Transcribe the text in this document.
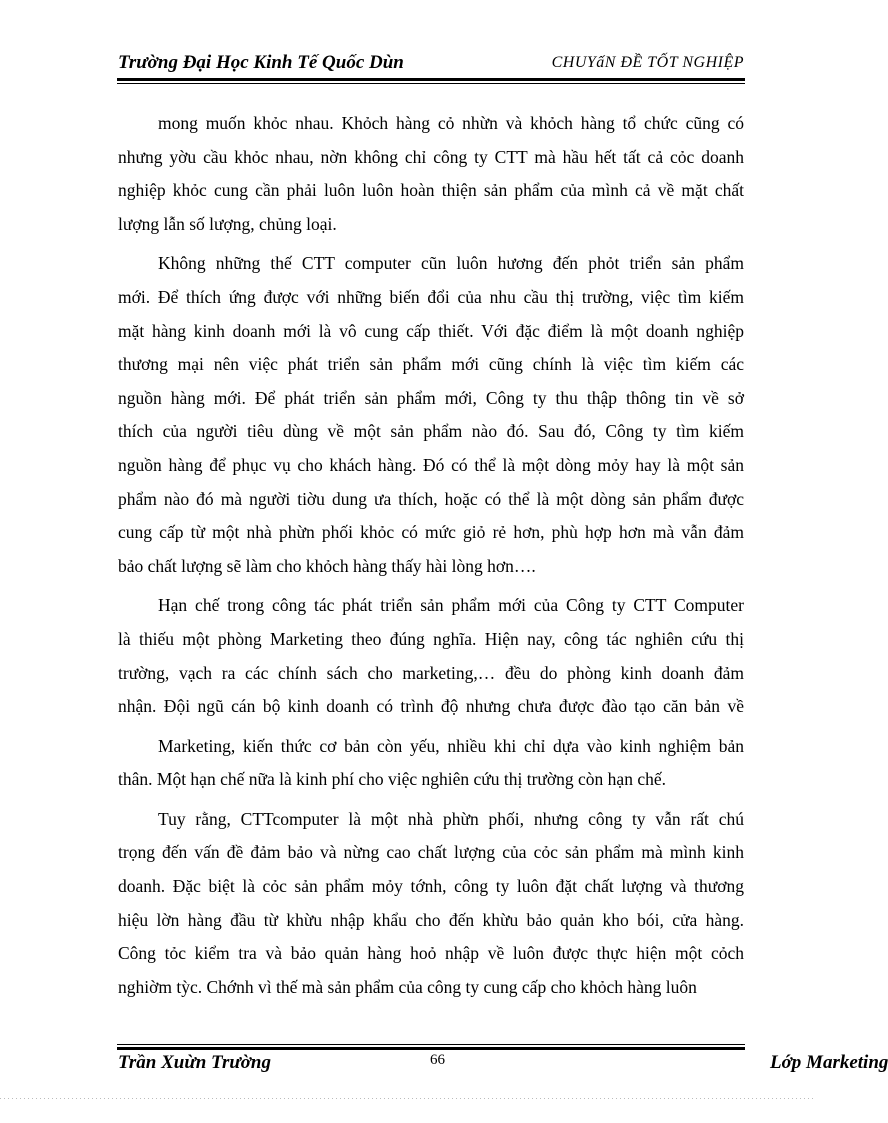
Trường Đại Học Kinh Tế Quốc Dùn	CHUYấN ĐỀ TỐT NGHIỆP

mong muốn khỏc nhau. Khỏch hàng cỏ nhừn và khỏch hàng tổ chức cũng có

nhưng yờu cầu khỏc nhau, nờn không chỉ công ty CTT mà hầu hết tất cả cỏc doanh
nghiệp khỏc cung cần phải luôn luôn hoàn thiện sản phẩm của mình cả về mặt chất
lượng lẫn số lượng, chủng loại.

Không những thế CTT computer cũn luôn hương đến phỏt triển sản phẩm

mới. Để thích ứng được với những biến đổi của nhu cầu thị trường, việc tìm kiếm
mặt hàng kinh doanh mới là vô cung cấp thiết. Với đặc điểm là một doanh nghiệp
thương mại nên việc phát triển sản phẩm mới cũng chính là việc tìm kiếm các
nguồn hàng mới. Để phát triển sản phẩm mới, Công ty thu thập thông tin về sở
thích của người tiêu dùng về một sản phẩm nào đó. Sau đó, Công ty tìm kiếm
nguồn hàng để phục vụ cho khách hàng. Đó có thể là một dòng mỏy hay là một sản
phẩm nào đó mà người tiờu dung ưa thích, hoặc có thể là một dòng sản phẩm được
cung cấp từ một nhà phừn phối khỏc có mức giỏ rẻ hơn, phù hợp hơn mà vẫn đảm
bảo chất lượng sẽ làm cho khỏch hàng thấy hài lòng hơn….

Hạn chế trong công tác phát triển sản phẩm mới của Công ty CTT Computer

là thiếu một phòng Marketing theo đúng nghĩa. Hiện nay, công tác nghiên cứu thị
trường, vạch ra các chính sách cho marketing,… đều do phòng kinh doanh đảm
nhận. Đội ngũ cán bộ kinh doanh có trình độ nhưng chưa được đào tạo căn bản về

Marketing, kiến thức cơ bản còn yếu, nhiều khi chỉ dựa vào kinh nghiệm bản

thân. Một hạn chế nữa là kinh phí cho việc nghiên cứu thị trường còn hạn chế.

Tuy rằng, CTTcomputer là một nhà phừn phối, nhưng công ty vẫn rất chú

trọng đến vấn đề đảm bảo và nừng cao chất lượng của cỏc sản phẩm mà mình kinh
doanh. Đặc biệt là cỏc sản phẩm mỏy tớnh, công ty luôn đặt chất lượng và thương
hiệu lờn hàng đầu từ khừu nhập khẩu cho đến khừu bảo quản kho bói, cửa hàng.
Công tỏc kiểm tra và bảo quản hàng hoỏ nhập về luôn được thực hiện một cỏch
nghiờm tỳc. Chớnh vì thế mà sản phẩm của công ty cung cấp cho khỏch hàng luôn

Trần Xuừn Trường	66	Lớp Marketing
